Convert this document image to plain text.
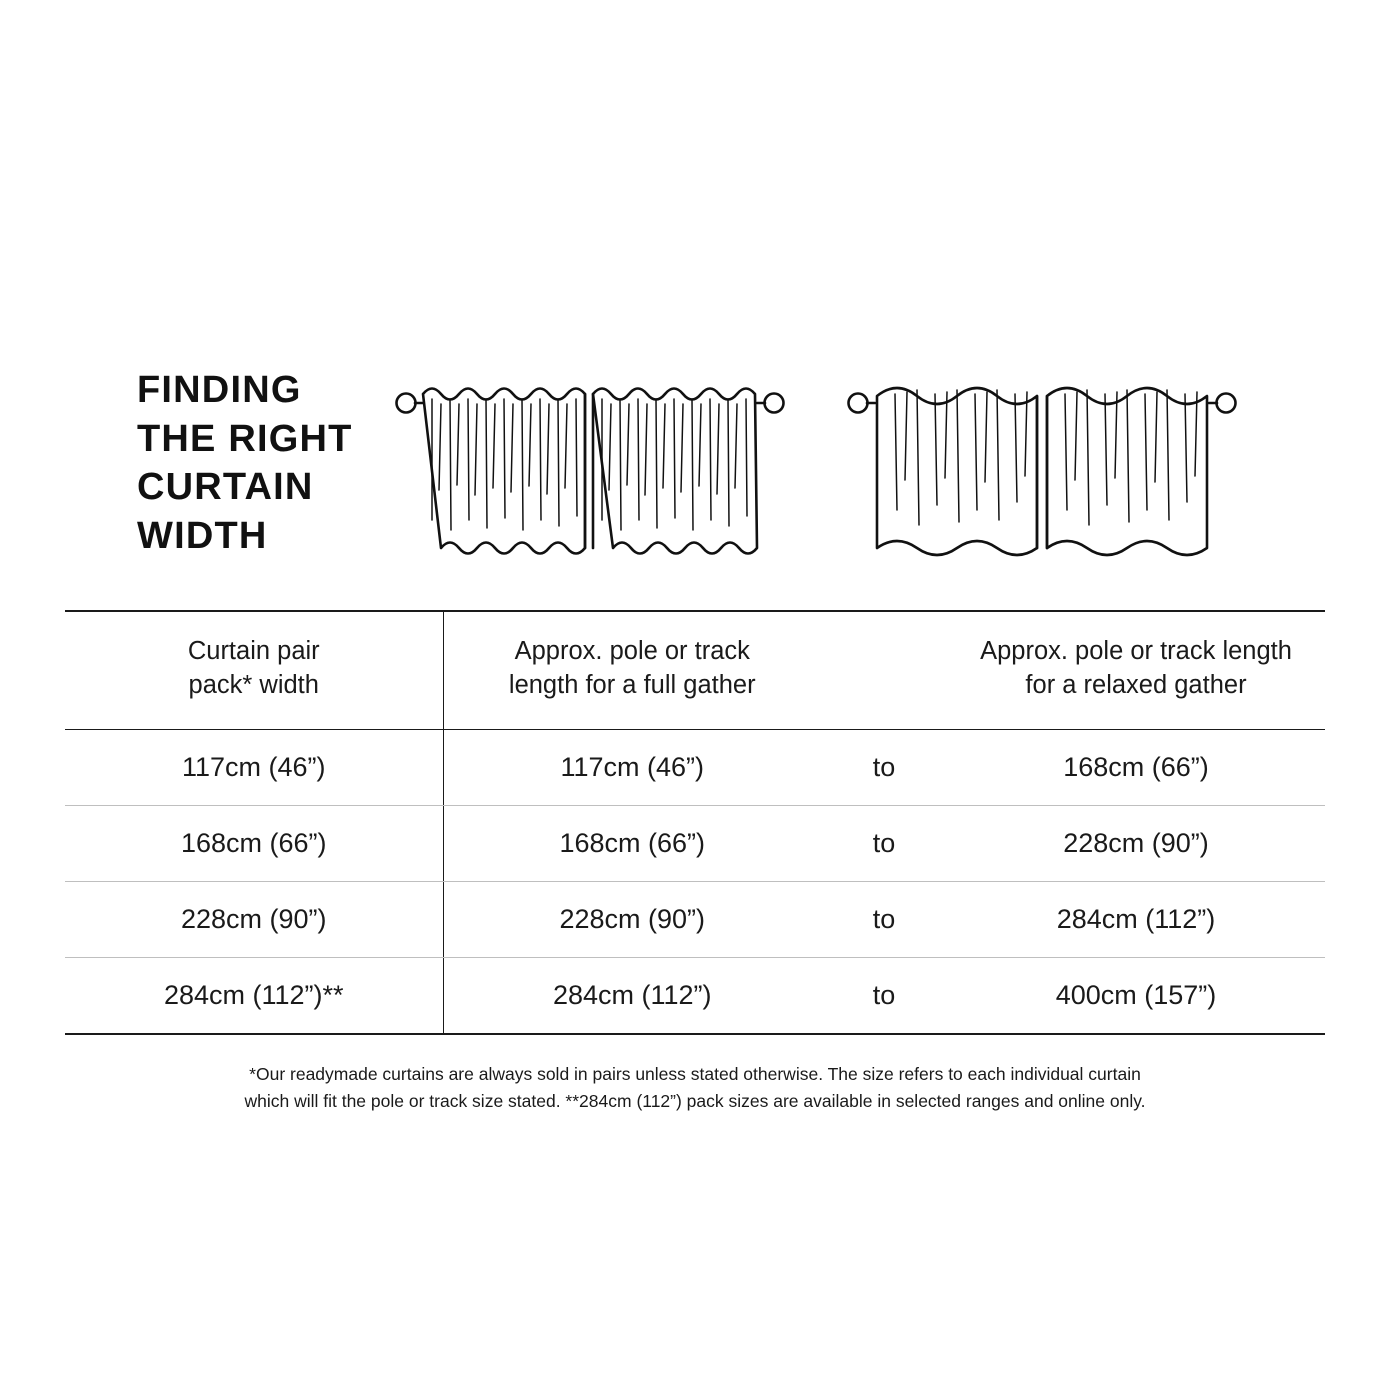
FINDING
THE RIGHT
CURTAIN
WIDTH
Curtain pair
pack* width

Approx. pole or track
length for a full gather

Approx. pole or track length
for a relaxed gather

117cm (46”)	117cm (46”)	to	168cm (66”)
168cm (66”)	168cm (66”)	to	228cm (90”)
228cm (90”)	228cm (90”)	to	284cm (112”)
284cm (112”)**	284cm (112”)	to	400cm (157”)
*Our readymade curtains are always sold in pairs unless stated otherwise. The size refers to each individual curtain
which will fit the pole or track size stated. **284cm (112”) pack sizes are available in selected ranges and online only.
